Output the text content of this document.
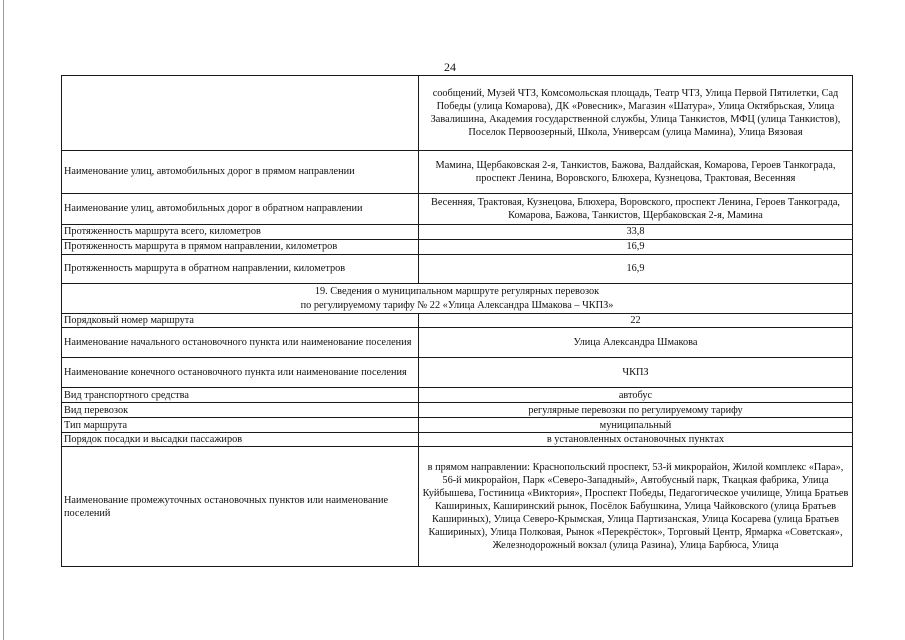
24
	сообщений, Музей ЧТЗ, Комсомольская площадь, Театр ЧТЗ, Улица Первой Пятилетки, Сад Победы (улица Комарова), ДК «Ровесник», Магазин «Шатура», Улица Октябрьская, Улица Завалишина, Академия государственной службы, Улица Танкистов, МФЦ (улица Танкистов), Поселок Первоозерный, Школа, Универсам (улица Мамина), Улица Вязовая
Наименование улиц, автомобильных дорог в прямом направлении	Мамина, Щербаковская 2-я, Танкистов, Бажова, Валдайская, Комарова, Героев Танкограда, проспект Ленина, Воровского, Блюхера, Кузнецова, Трактовая, Весенняя
Наименование улиц, автомобильных дорог в обратном направлении	Весенняя, Трактовая, Кузнецова, Блюхера, Воровского, проспект Ленина, Героев Танкограда, Комарова, Бажова, Танкистов, Щербаковская 2-я, Мамина
Протяженность маршрута всего, километров	33,8
Протяженность маршрута в прямом направлении, километров	16,9
Протяженность маршрута в обратном направлении, километров	16,9

19. Сведения о муниципальном маршруте регулярных перевозок
по регулируемому тарифу № 22 «Улица Александра Шмакова – ЧКПЗ»	

Порядковый номер маршрута	22
Наименование начального остановочного пункта или наименование поселения	Улица Александра Шмакова
Наименование конечного остановочного пункта или наименование поселения	ЧКПЗ
Вид транспортного средства	автобус
Вид перевозок	регулярные перевозки по регулируемому тарифу
Тип маршрута	муниципальный
Порядок посадки и высадки пассажиров	в установленных остановочных пунктах
Наименование промежуточных остановочных пунктов или наименование поселений	в прямом направлении: Краснопольский проспект, 53-й микрорайон, Жилой комплекс «Пара», 56-й микрорайон, Парк «Северо-Западный», Автобусный парк, Ткацкая фабрика, Улица Куйбышева, Гостиница «Виктория», Проспект Победы, Педагогическое училище, Улица Братьев Кашириных, Каширинский рынок, Посёлок Бабушкина, Улица Чайковского (улица Братьев Кашириных), Улица Северо-Крымская, Улица Партизанская, Улица Косарева (улица Братьев Кашириных), Улица Полковая, Рынок «Перекрёсток», Торговый Центр, Ярмарка «Советская», Железнодорожный вокзал (улица Разина), Улица Барбюса, Улица
